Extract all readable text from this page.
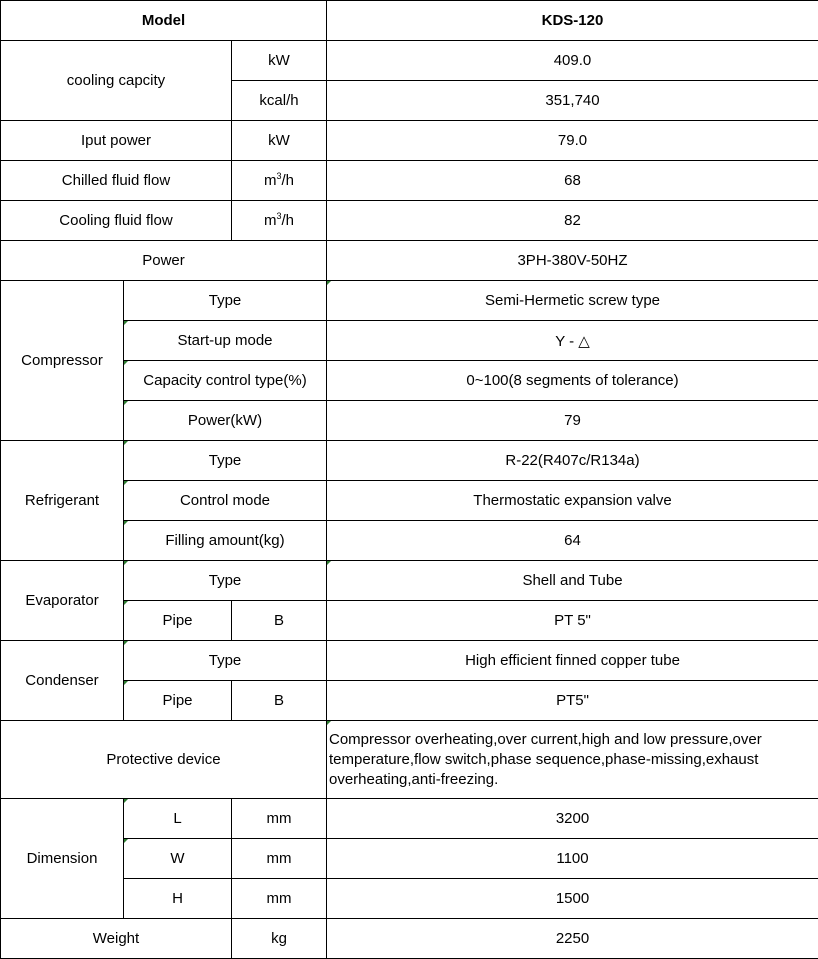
Model			KDS-120
cooling capcity		kW	409.0
		kcal/h	351,740
Iput power		kW	79.0
Chilled fluid flow		$m^3/h$	68
Cooling fluid flow		$m^3/h$	82
Power			3PH-380V-50HZ
Compressor	Type		Semi-Hermetic screw type
	Start-up mode		Y - △
	Capacity control type(%)		0~100(8 segments of tolerance)
	Power(kW)		79
Refrigerant	Type		R-22(R407c/R134a)
	Control mode		Thermostatic expansion valve
	Filling amount(kg)		64
Evaporator	Type		Shell and Tube
	Pipe	B	PT 5"
Condenser	Type		High efficient finned copper tube
	Pipe	B	PT5"
Protective device			Compressor overheating,over current,high and low pressure,over temperature,flow switch,phase sequence,phase-missing,exhaust overheating,anti-freezing.
Dimension	L	mm	3200
	W	mm	1100
	H	mm	1500
Weight		kg	2250
